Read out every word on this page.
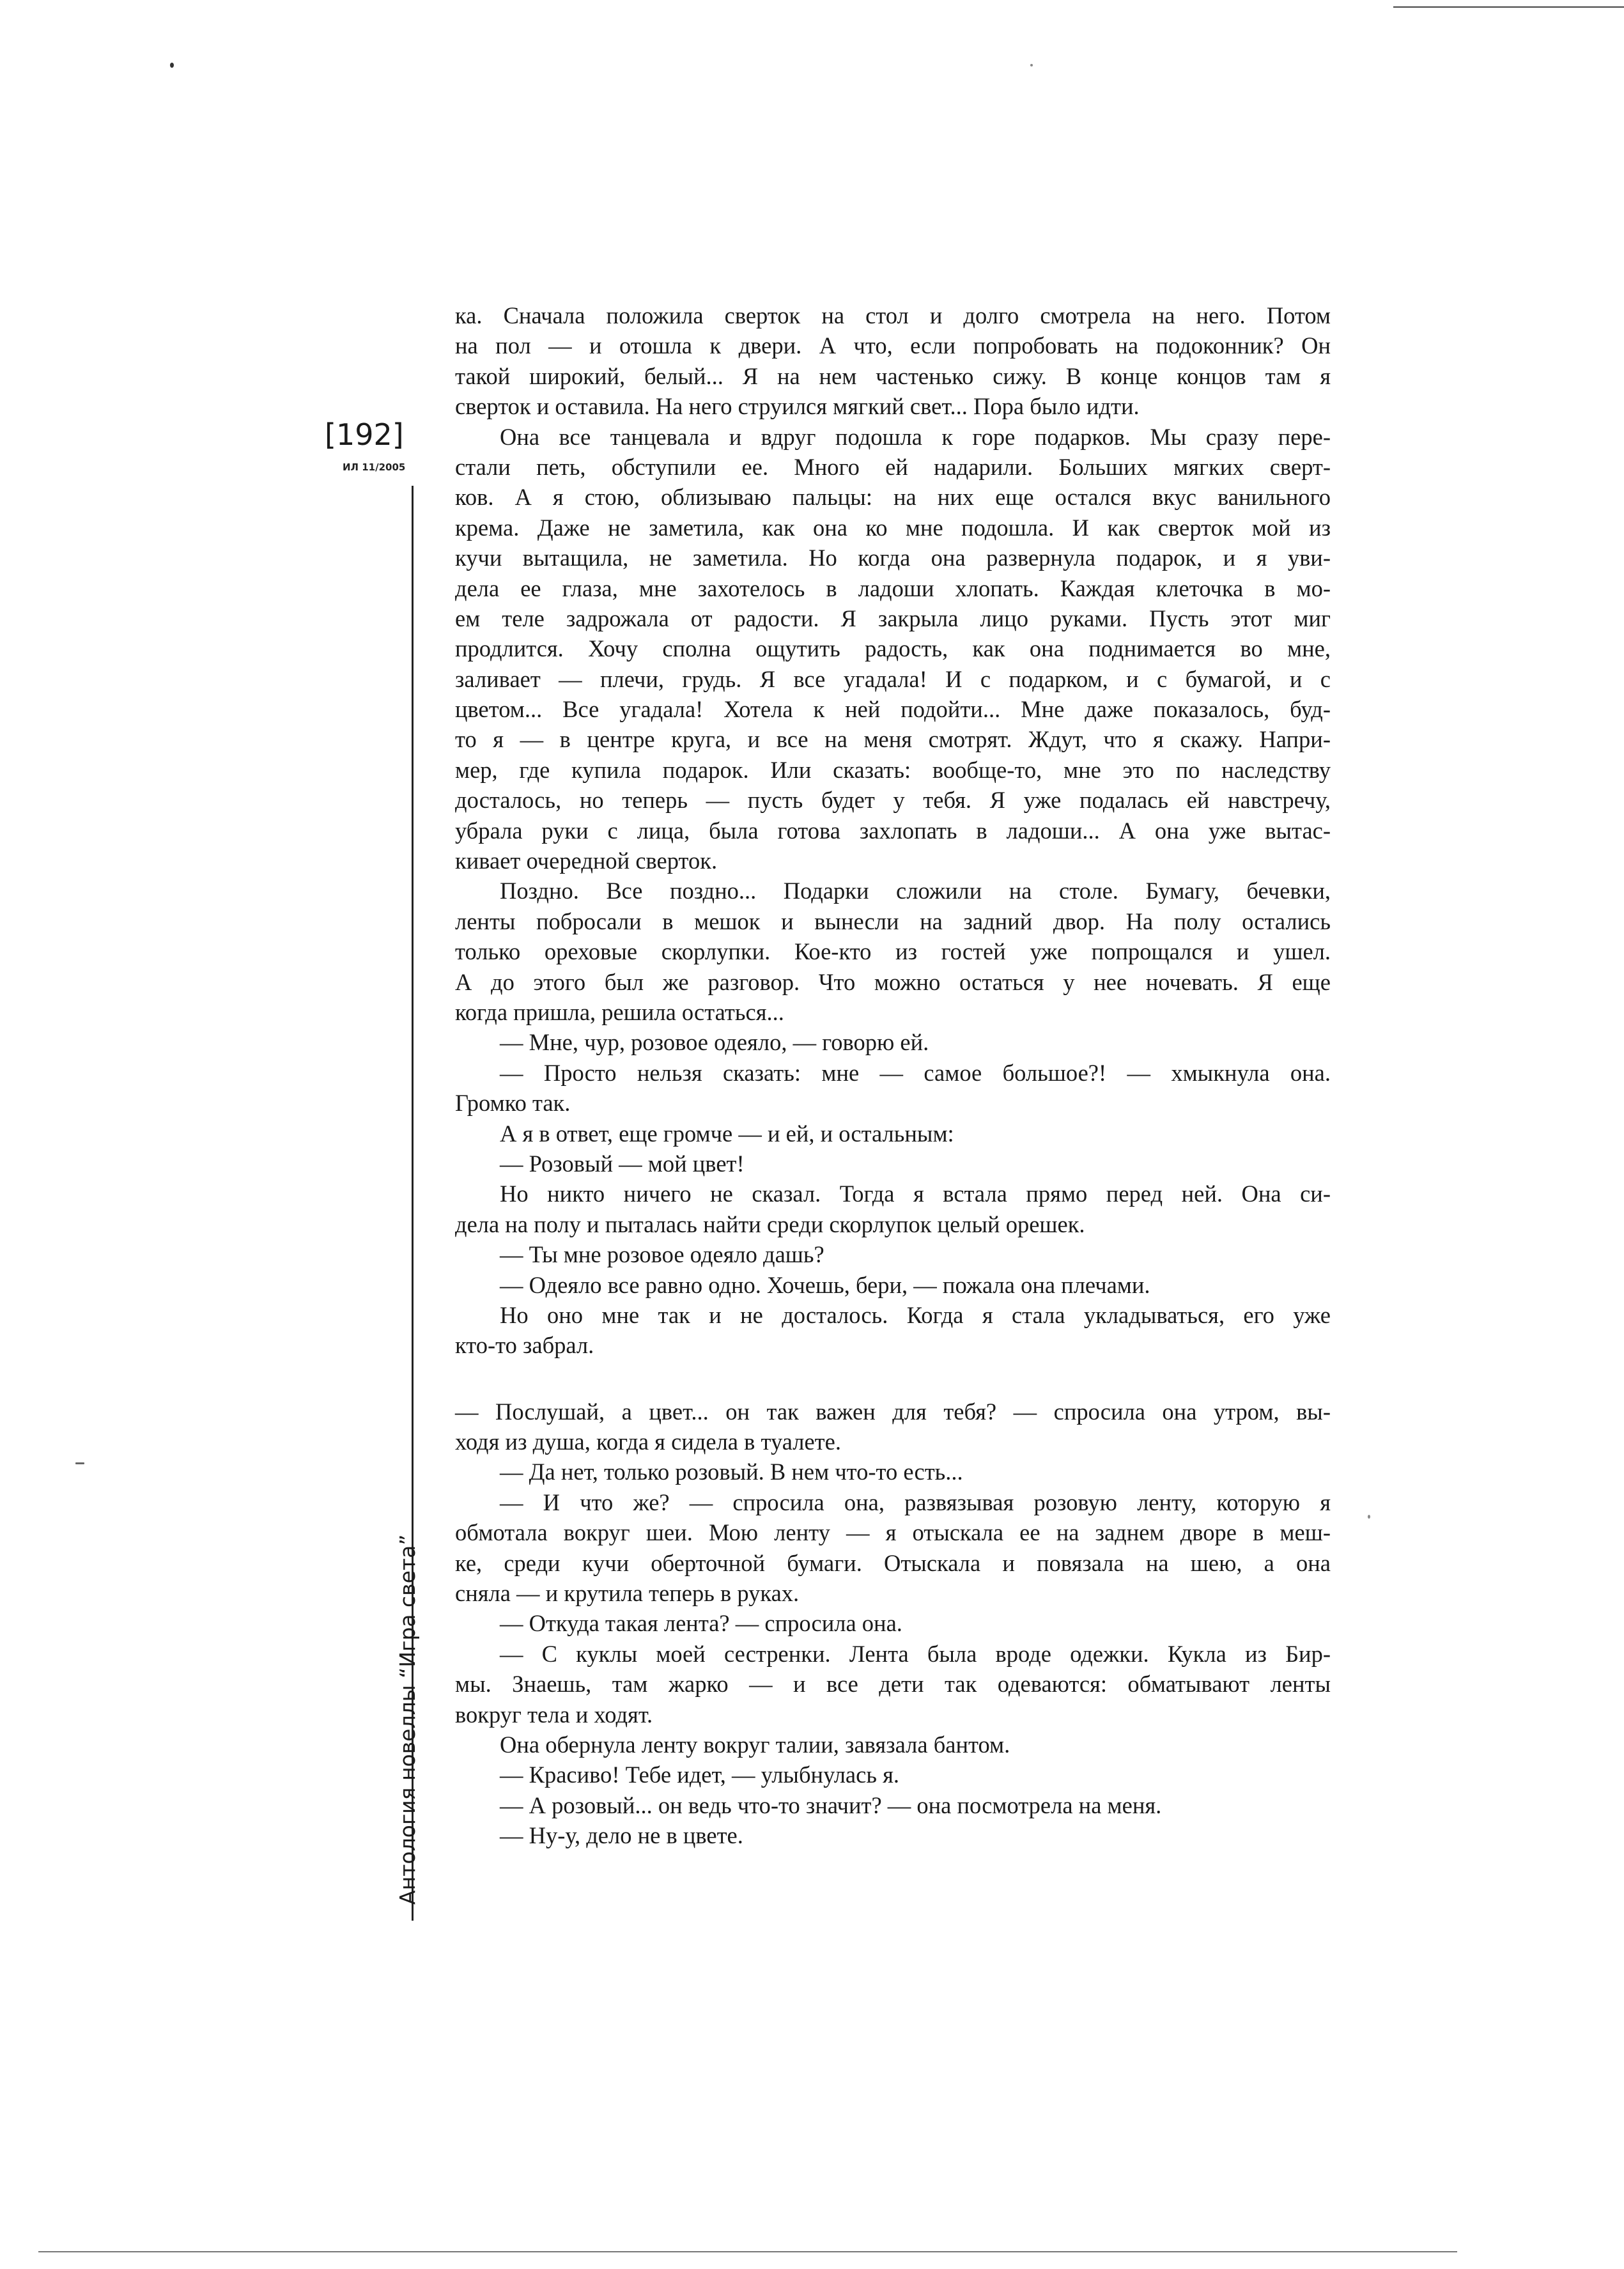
[192]
ИЛ 11/2005
Антология новеллы “Игра света”
ка. Сначала положила сверток на стол и долго смотрела на него. Потом
на пол — и отошла к двери. А что, если попробовать на подоконник? Он
такой широкий, белый... Я на нем частенько сижу. В конце концов там я
сверток и оставила. На него струился мягкий свет... Пора было идти.
Она все танцевала и вдруг подошла к горе подарков. Мы сразу пере-
стали петь, обступили ее. Много ей надарили. Больших мягких сверт-
ков. А я стою, облизываю пальцы: на них еще остался вкус ванильного
крема. Даже не заметила, как она ко мне подошла. И как сверток мой из
кучи вытащила, не заметила. Но когда она развернула подарок, и я уви-
дела ее глаза, мне захотелось в ладоши хлопать. Каждая клеточка в мо-
ем теле задрожала от радости. Я закрыла лицо руками. Пусть этот миг
продлится. Хочу сполна ощутить радость, как она поднимается во мне,
заливает — плечи, грудь. Я все угадала! И с подарком, и с бумагой, и с
цветом... Все угадала! Хотела к ней подойти... Мне даже показалось, буд-
то я — в центре круга, и все на меня смотрят. Ждут, что я скажу. Напри-
мер, где купила подарок. Или сказать: вообще-то, мне это по наследству
досталось, но теперь — пусть будет у тебя. Я уже подалась ей навстречу,
убрала руки с лица, была готова захлопать в ладоши... А она уже вытас-
кивает очередной сверток.
Поздно. Все поздно... Подарки сложили на столе. Бумагу, бечевки,
ленты побросали в мешок и вынесли на задний двор. На полу остались
только ореховые скорлупки. Кое-кто из гостей уже попрощался и ушел.
А до этого был же разговор. Что можно остаться у нее ночевать. Я еще
когда пришла, решила остаться...
— Мне, чур, розовое одеяло, — говорю ей.
— Просто нельзя сказать: мне — самое большое?! — хмыкнула она.
Громко так.
А я в ответ, еще громче — и ей, и остальным:
— Розовый — мой цвет!
Но никто ничего не сказал. Тогда я встала прямо перед ней. Она си-
дела на полу и пыталась найти среди скорлупок целый орешек.
— Ты мне розовое одеяло дашь?
— Одеяло все равно одно. Хочешь, бери, — пожала она плечами.
Но оно мне так и не досталось. Когда я стала укладываться, его уже
кто-то забрал.
— Послушай, а цвет... он так важен для тебя? — спросила она утром, вы-
ходя из душа, когда я сидела в туалете.
— Да нет, только розовый. В нем что-то есть...
— И что же? — спросила она, развязывая розовую ленту, которую я
обмотала вокруг шеи. Мою ленту — я отыскала ее на заднем дворе в меш-
ке, среди кучи оберточной бумаги. Отыскала и повязала на шею, а она
сняла — и крутила теперь в руках.
— Откуда такая лента? — спросила она.
— С куклы моей сестренки. Лента была вроде одежки. Кукла из Бир-
мы. Знаешь, там жарко — и все дети так одеваются: обматывают ленты
вокруг тела и ходят.
Она обернула ленту вокруг талии, завязала бантом.
— Красиво! Тебе идет, — улыбнулась я.
— А розовый... он ведь что-то значит? — она посмотрела на меня.
— Ну-у, дело не в цвете.
